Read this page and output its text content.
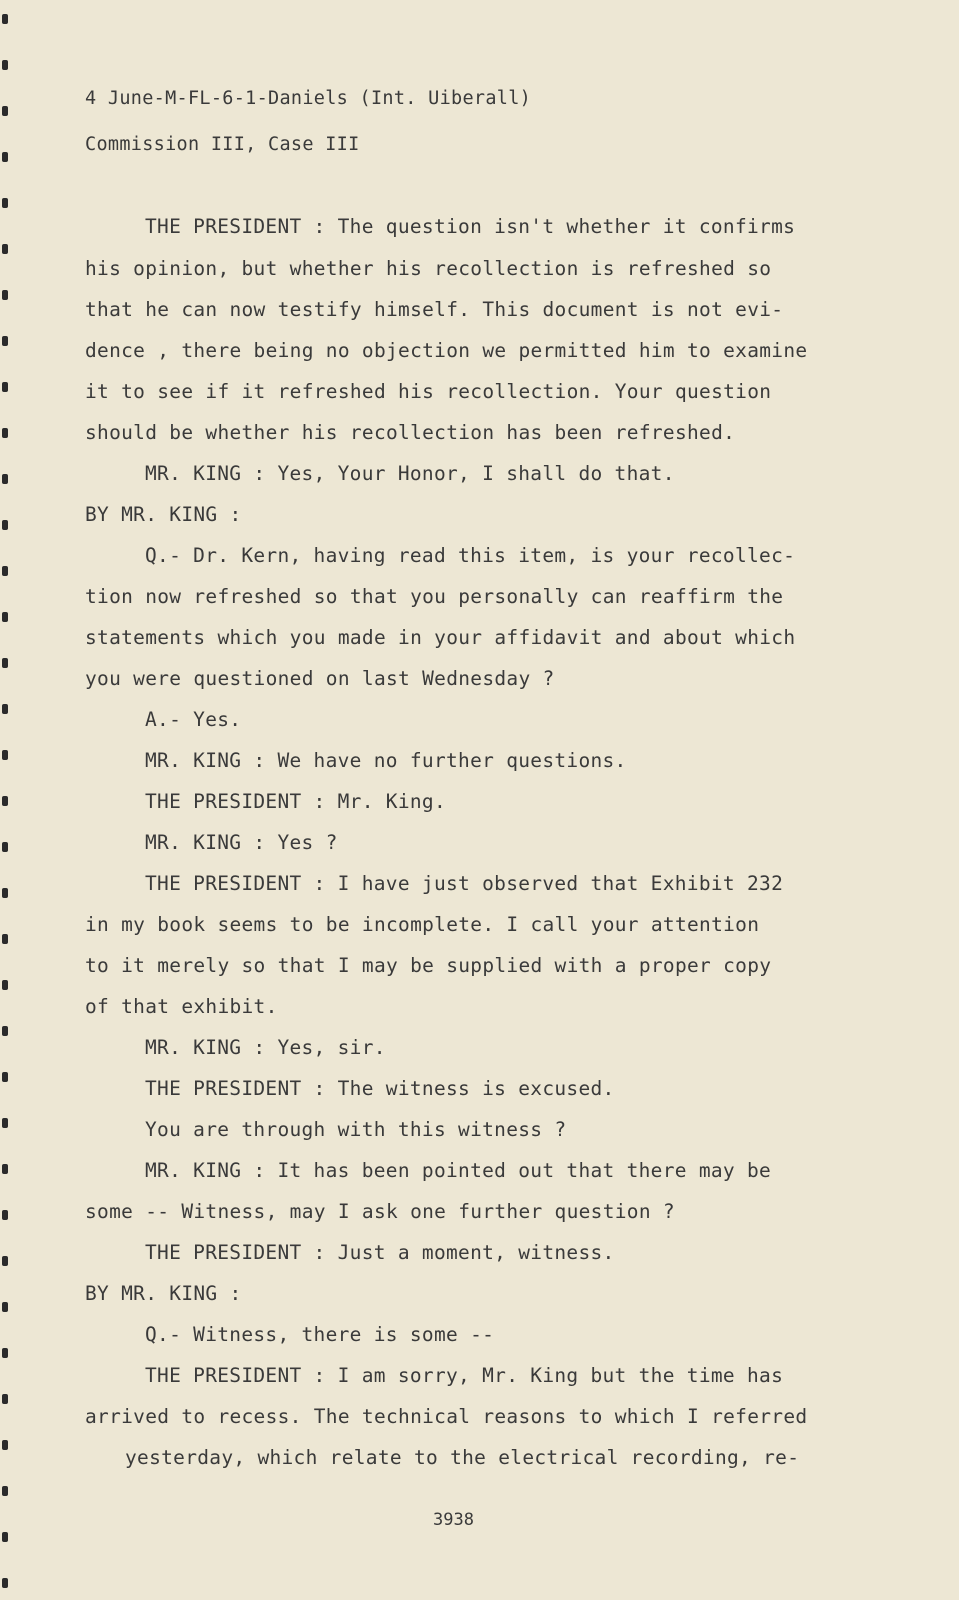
4 June-M-FL-6-1-Daniels (Int. Uiberall)
Commission III, Case III
THE PRESIDENT : The question isn't whether it confirms
his opinion, but whether his recollection is refreshed so
that he can now testify himself. This document is not evi-
dence , there being no objection we permitted him to examine
it to see if it refreshed his recollection. Your question
should be whether his recollection has been refreshed.
MR. KING : Yes, Your Honor, I shall do that.
BY MR. KING :
Q.- Dr. Kern, having read this item, is your recollec-
tion now refreshed so that you personally can reaffirm the
statements which you made in your affidavit and about which
you were questioned on last Wednesday ?
A.- Yes.
MR. KING : We have no further questions.
THE PRESIDENT : Mr. King.
MR. KING : Yes ?
THE PRESIDENT : I have just observed that Exhibit 232
in my book seems to be incomplete. I call your attention
to it merely so that I may be supplied with a proper copy
of that exhibit.
MR. KING : Yes, sir.
THE PRESIDENT : The witness is excused.
You are through with this witness ?
MR. KING : It has been pointed out that there may be
some -- Witness, may I ask one further question ?
THE PRESIDENT : Just a moment, witness.
BY MR. KING :
Q.- Witness, there is some --
THE PRESIDENT : I am sorry, Mr. King but the time has
arrived to recess. The technical reasons to which I referred
yesterday, which relate to the electrical recording, re-
3938
